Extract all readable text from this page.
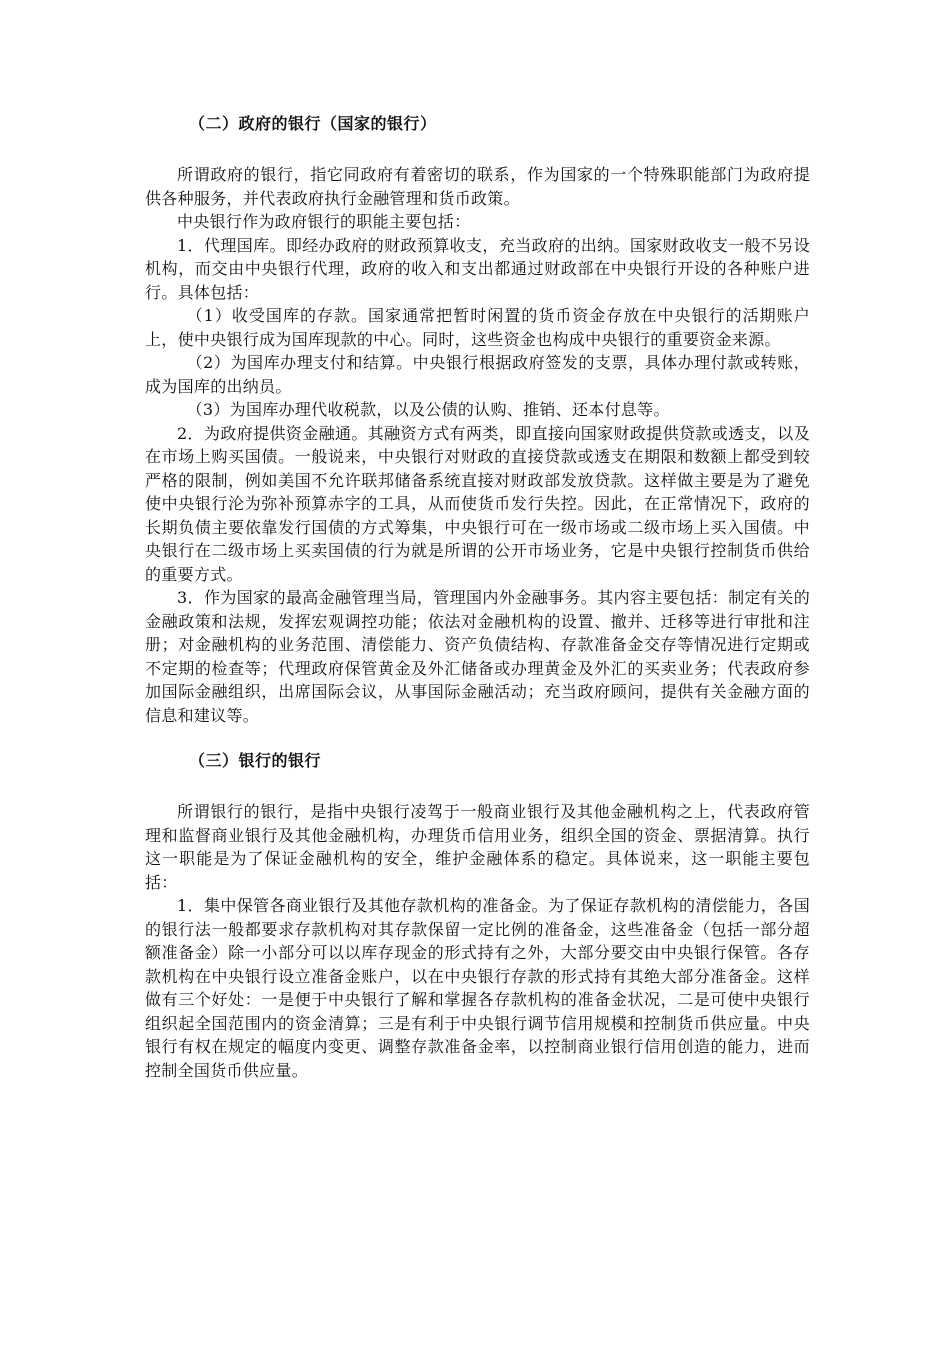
（二）政府的银行（国家的银行）

所谓政府的银行，指它同政府有着密切的联系，作为国家的一个特殊职能部门为政府提供各种服务，并代表政府执行金融管理和货币政策。

中央银行作为政府银行的职能主要包括：

1．代理国库。即经办政府的财政预算收支，充当政府的出纳。国家财政收支一般不另设机构，而交由中央银行代理，政府的收入和支出都通过财政部在中央银行开设的各种账户进行。具体包括：

（1）收受国库的存款。国家通常把暂时闲置的货币资金存放在中央银行的活期账户上，使中央银行成为国库现款的中心。同时，这些资金也构成中央银行的重要资金来源。

（2）为国库办理支付和结算。中央银行根据政府签发的支票，具体办理付款或转账，成为国库的出纳员。

（3）为国库办理代收税款，以及公债的认购、推销、还本付息等。

2．为政府提供资金融通。其融资方式有两类，即直接向国家财政提供贷款或透支，以及在市场上购买国债。一般说来，中央银行对财政的直接贷款或透支在期限和数额上都受到较严格的限制，例如美国不允许联邦储备系统直接对财政部发放贷款。这样做主要是为了避免使中央银行沦为弥补预算赤字的工具，从而使货币发行失控。因此，在正常情况下，政府的长期负债主要依靠发行国债的方式筹集，中央银行可在一级市场或二级市场上买入国债。中央银行在二级市场上买卖国债的行为就是所谓的公开市场业务，它是中央银行控制货币供给的重要方式。

3．作为国家的最高金融管理当局，管理国内外金融事务。其内容主要包括：制定有关的金融政策和法规，发挥宏观调控功能；依法对金融机构的设置、撤并、迁移等进行审批和注册；对金融机构的业务范围、清偿能力、资产负债结构、存款准备金交存等情况进行定期或不定期的检查等；代理政府保管黄金及外汇储备或办理黄金及外汇的买卖业务；代表政府参加国际金融组织，出席国际会议，从事国际金融活动；充当政府顾问，提供有关金融方面的信息和建议等。

（三）银行的银行

所谓银行的银行，是指中央银行凌驾于一般商业银行及其他金融机构之上，代表政府管理和监督商业银行及其他金融机构，办理货币信用业务，组织全国的资金、票据清算。执行这一职能是为了保证金融机构的安全，维护金融体系的稳定。具体说来，这一职能主要包括：

1．集中保管各商业银行及其他存款机构的准备金。为了保证存款机构的清偿能力，各国的银行法一般都要求存款机构对其存款保留一定比例的准备金，这些准备金（包括一部分超额准备金）除一小部分可以以库存现金的形式持有之外，大部分要交由中央银行保管。各存款机构在中央银行设立准备金账户，以在中央银行存款的形式持有其绝大部分准备金。这样做有三个好处：一是便于中央银行了解和掌握各存款机构的准备金状况，二是可使中央银行组织起全国范围内的资金清算；三是有利于中央银行调节信用规模和控制货币供应量。中央银行有权在规定的幅度内变更、调整存款准备金率，以控制商业银行信用创造的能力，进而控制全国货币供应量。
